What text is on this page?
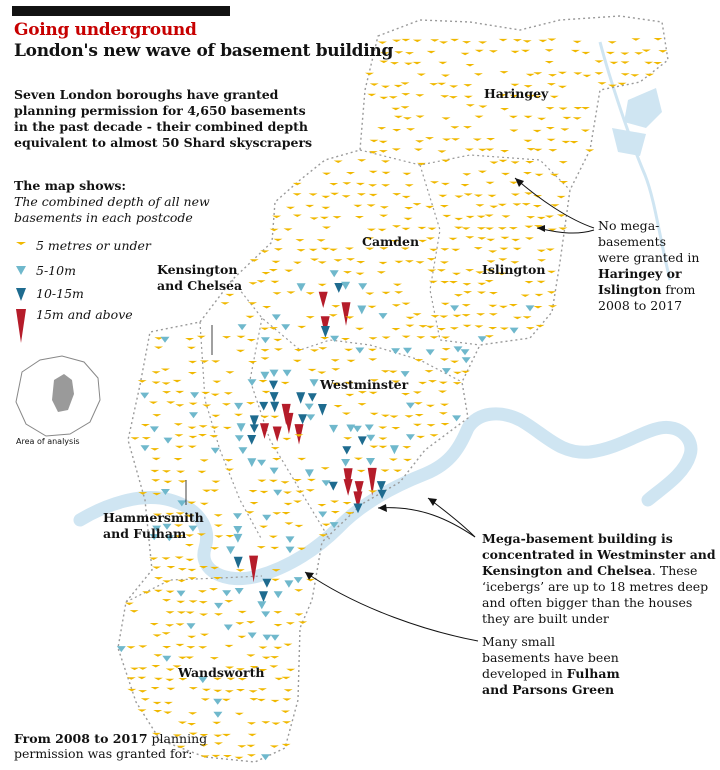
Going underground
London's new wave of basement building
Seven London boroughs have granted planning permission for 4,650 basements in the past decade - their combined depth equivalent to almost 50 Shard skyscrapers
The map shows:
The combined depth of all new basements in each postcode
5 metres or under
5-10m
10-15m
15m and above
Area of analysis
Haringey
Camden
Islington
Kensington
and Chelsea
Westminster
Hammersmith
and Fulham
Wandsworth
No mega-
basements
were granted in
Haringey or
Islington from
2008 to 2017
Mega-basement building is
concentrated in Westminster and
Kensington and Chelsea. These
‘icebergs’ are up to 18 metres deep
and often bigger than the houses
they are built under
Many small
basements have been
developed in Fulham
and Parsons Green
From 2008 to 2017 planning
permission was granted for:
